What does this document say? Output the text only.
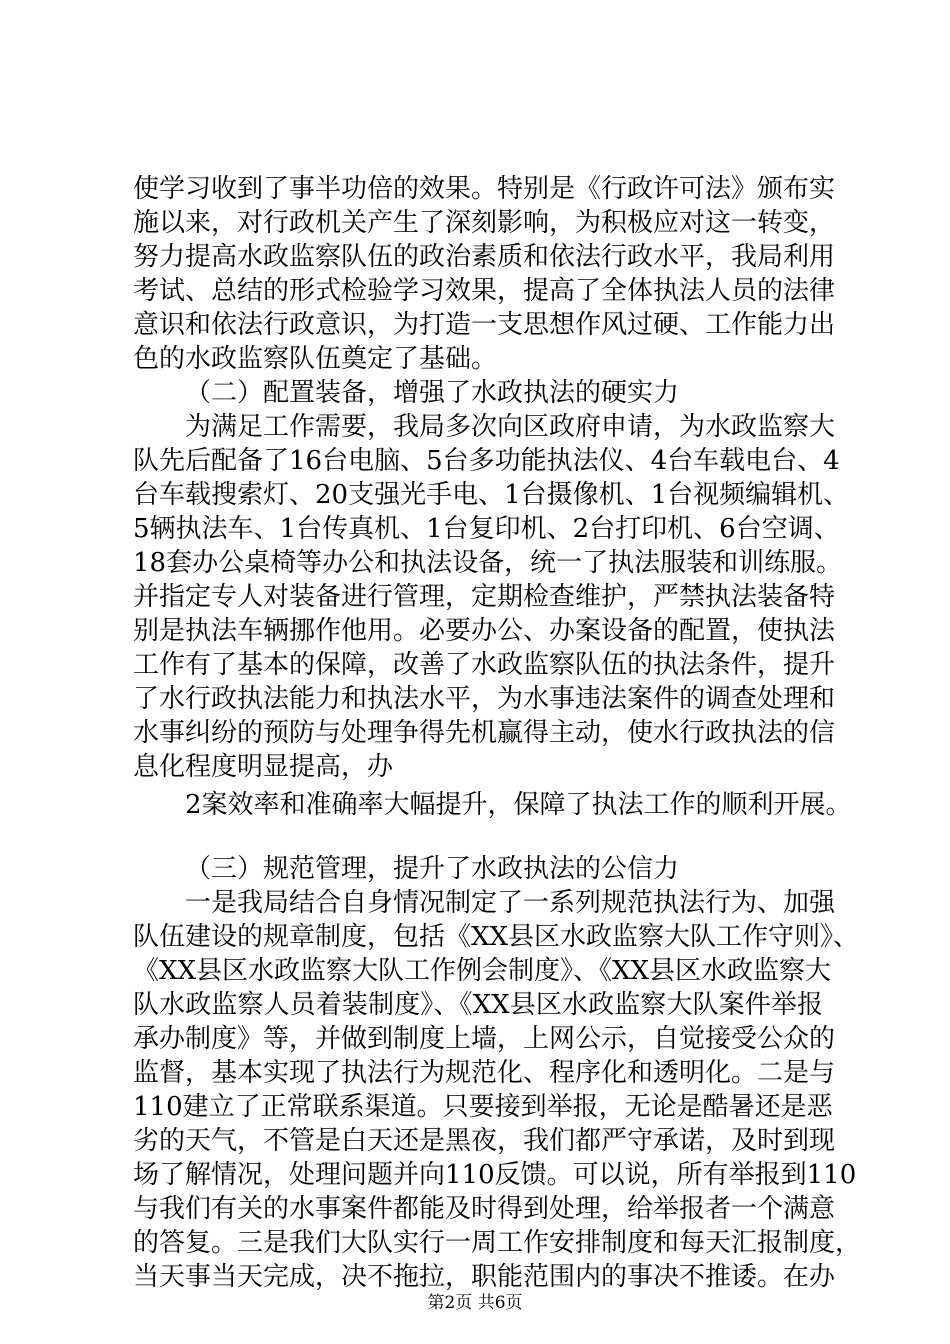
使学习收到了事半功倍的效果。特别是《行政许可法》颁布实
施以来，对行政机关产生了深刻影响，为积极应对这一转变，
努力提高水政监察队伍的政治素质和依法行政水平，我局利用
考试、总结的形式检验学习效果，提高了全体执法人员的法律
意识和依法行政意识，为打造一支思想作风过硬、工作能力出
色的水政监察队伍奠定了基础。
（二）配置装备，增强了水政执法的硬实力
为满足工作需要，我局多次向区政府申请，为水政监察大
队先后配备了16台电脑、5台多功能执法仪、4台车载电台、4
台车载搜索灯、20支强光手电、1台摄像机、1台视频编辑机、
5辆执法车、1台传真机、1台复印机、2台打印机、6台空调、
18套办公桌椅等办公和执法设备，统一了执法服装和训练服。
并指定专人对装备进行管理，定期检查维护，严禁执法装备特
别是执法车辆挪作他用。必要办公、办案设备的配置，使执法
工作有了基本的保障，改善了水政监察队伍的执法条件，提升
了水行政执法能力和执法水平，为水事违法案件的调查处理和
水事纠纷的预防与处理争得先机赢得主动，使水行政执法的信
息化程度明显提高，办
2案效率和准确率大幅提升，保障了执法工作的顺利开展。
（三）规范管理，提升了水政执法的公信力
一是我局结合自身情况制定了一系列规范执法行为、加强
队伍建设的规章制度，包括《XX县区水政监察大队工作守则》、
《XX县区水政监察大队工作例会制度》、《XX县区水政监察大
队水政监察人员着装制度》、《XX县区水政监察大队案件举报
承办制度》等，并做到制度上墙，上网公示，自觉接受公众的
监督，基本实现了执法行为规范化、程序化和透明化。二是与
110建立了正常联系渠道。只要接到举报，无论是酷暑还是恶
劣的天气，不管是白天还是黑夜，我们都严守承诺，及时到现
场了解情况，处理问题并向110反馈。可以说，所有举报到110
与我们有关的水事案件都能及时得到处理，给举报者一个满意
的答复。三是我们大队实行一周工作安排制度和每天汇报制度，
当天事当天完成，决不拖拉，职能范围内的事决不推诿。在办
第2页 共6页
